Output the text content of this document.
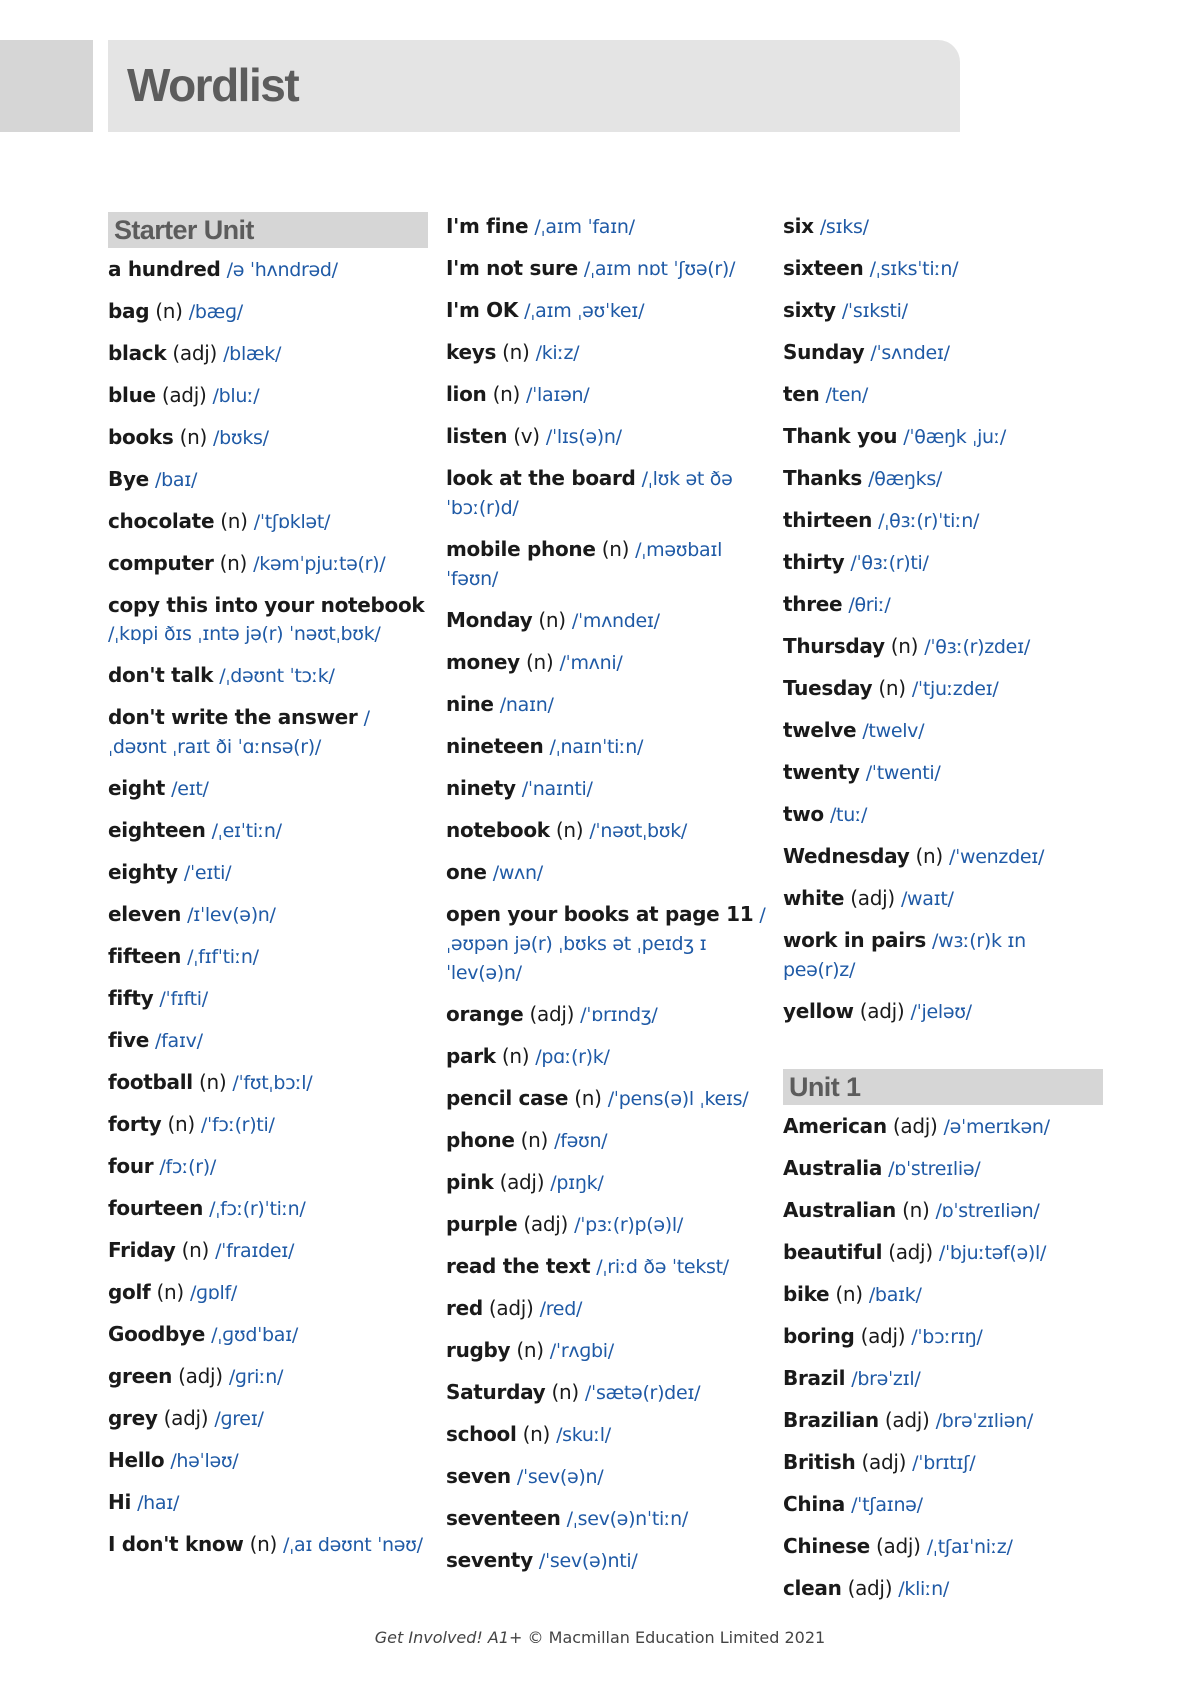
Wordlist
Starter Unit
a hundred /ə ˈhʌndrəd/
bag (n) /bæɡ/
black (adj) /blæk/
blue (adj) /bluː/
books (n) /bʊks/
Bye /baɪ/
chocolate (n) /ˈtʃɒklət/
computer (n) /kəmˈpjuːtə(r)/
copy this into your notebook /ˌkɒpi ðɪs ˌɪntə jə(r) ˈnəʊtˌbʊk/
don't talk /ˌdəʊnt ˈtɔːk/
don't write the answer /ˌdəʊnt ˌraɪt ði ˈɑːnsə(r)/
eight /eɪt/
eighteen /ˌeɪˈtiːn/
eighty /ˈeɪti/
eleven /ɪˈlev(ə)n/
fifteen /ˌfɪfˈtiːn/
fifty /ˈfɪfti/
five /faɪv/
football (n) /ˈfʊtˌbɔːl/
forty (n) /ˈfɔː(r)ti/
four /fɔː(r)/
fourteen /ˌfɔː(r)ˈtiːn/
Friday (n) /ˈfraɪdeɪ/
golf (n) /ɡɒlf/
Goodbye /ˌɡʊdˈbaɪ/
green (adj) /ɡriːn/
grey (adj) /ɡreɪ/
Hello /həˈləʊ/
Hi /haɪ/
I don't know (n) /ˌaɪ dəʊnt ˈnəʊ/
I'm fine /ˌaɪm ˈfaɪn/
I'm not sure /ˌaɪm nɒt ˈʃʊə(r)/
I'm OK /ˌaɪm ˌəʊˈkeɪ/
keys (n) /kiːz/
lion (n) /ˈlaɪən/
listen (v) /ˈlɪs(ə)n/
look at the board /ˌlʊk ət ðə ˈbɔː(r)d/
mobile phone (n) /ˌməʊbaɪl ˈfəʊn/
Monday (n) /ˈmʌndeɪ/
money (n) /ˈmʌni/
nine /naɪn/
nineteen /ˌnaɪnˈtiːn/
ninety /ˈnaɪnti/
notebook (n) /ˈnəʊtˌbʊk/
one /wʌn/
open your books at page 11 /ˌəʊpən jə(r) ˌbʊks ət ˌpeɪdʒ ɪˈlev(ə)n/
orange (adj) /ˈɒrɪndʒ/
park (n) /pɑː(r)k/
pencil case (n) /ˈpens(ə)l ˌkeɪs/
phone (n) /fəʊn/
pink (adj) /pɪŋk/
purple (adj) /ˈpɜː(r)p(ə)l/
read the text /ˌriːd ðə ˈtekst/
red (adj) /red/
rugby (n) /ˈrʌɡbi/
Saturday (n) /ˈsætə(r)deɪ/
school (n) /skuːl/
seven /ˈsev(ə)n/
seventeen /ˌsev(ə)nˈtiːn/
seventy /ˈsev(ə)nti/
six /sɪks/
sixteen /ˌsɪksˈtiːn/
sixty /ˈsɪksti/
Sunday /ˈsʌndeɪ/
ten /ten/
Thank you /ˈθæŋk ˌjuː/
Thanks /θæŋks/
thirteen /ˌθɜː(r)ˈtiːn/
thirty /ˈθɜː(r)ti/
three /θriː/
Thursday (n) /ˈθɜː(r)zdeɪ/
Tuesday (n) /ˈtjuːzdeɪ/
twelve /twelv/
twenty /ˈtwenti/
two /tuː/
Wednesday (n) /ˈwenzdeɪ/
white (adj) /waɪt/
work in pairs /wɜː(r)k ɪn peə(r)z/
yellow (adj) /ˈjeləʊ/
Unit 1
American (adj) /əˈmerɪkən/
Australia /ɒˈstreɪliə/
Australian (n) /ɒˈstreɪliən/
beautiful (adj) /ˈbjuːtəf(ə)l/
bike (n) /baɪk/
boring (adj) /ˈbɔːrɪŋ/
Brazil /brəˈzɪl/
Brazilian (adj) /brəˈzɪliən/
British (adj) /ˈbrɪtɪʃ/
China /ˈtʃaɪnə/
Chinese (adj) /ˌtʃaɪˈniːz/
clean (adj) /kliːn/
Get Involved! A1+ © Macmillan Education Limited 2021
